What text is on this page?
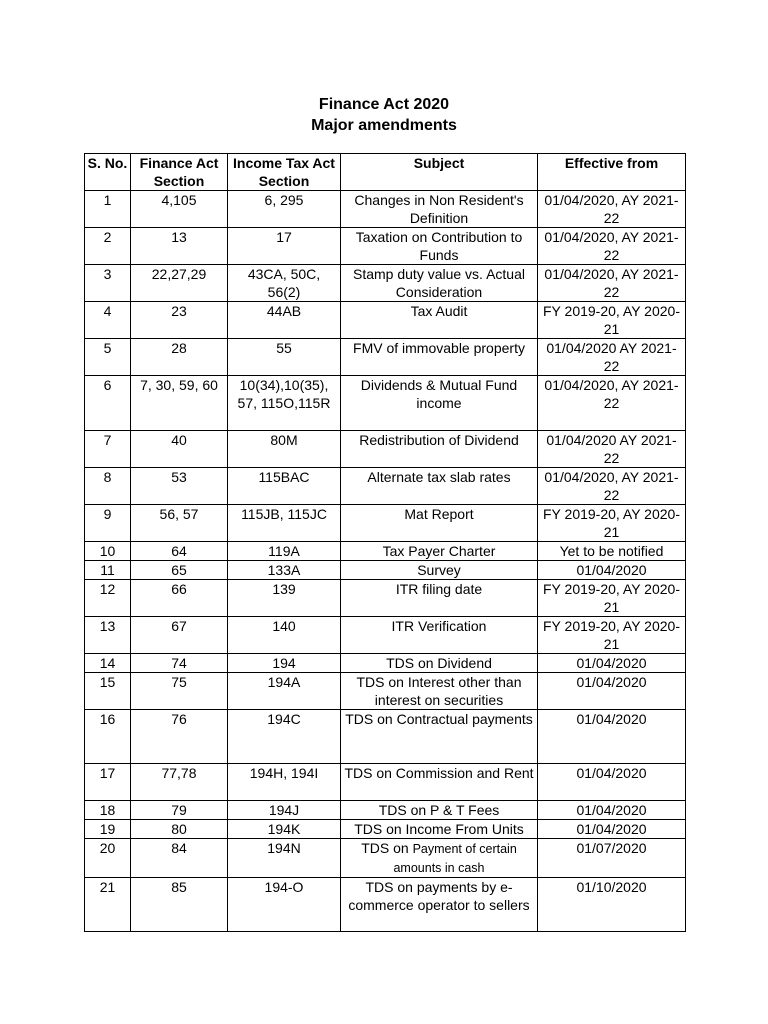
Finance Act 2020
Major amendments
S. No.	Finance Act Section	Income Tax Act Section	Subject	Effective from
1	4,105	6, 295	Changes in Non Resident's Definition	01/04/2020, AY 2021-22
2	13	17	Taxation on Contribution to Funds	01/04/2020, AY 2021-22
3	22,27,29	43CA, 50C, 56(2)	Stamp duty value vs. Actual Consideration	01/04/2020, AY 2021-22
4	23	44AB	Tax Audit	FY 2019-20, AY 2020-21
5	28	55	FMV of immovable property	01/04/2020 AY 2021-22
6	7, 30, 59, 60	10(34),10(35), 57, 115O,115R	Dividends & Mutual Fund income	01/04/2020, AY 2021-22
7	40	80M	Redistribution of Dividend	01/04/2020 AY 2021-22
8	53	115BAC	Alternate tax slab rates	01/04/2020, AY 2021-22
9	56, 57	115JB, 115JC	Mat Report	FY 2019-20, AY 2020-21
10	64	119A	Tax Payer Charter	Yet to be notified
11	65	133A	Survey	01/04/2020
12	66	139	ITR filing date	FY 2019-20, AY 2020-21
13	67	140	ITR Verification	FY 2019-20, AY 2020-21
14	74	194	TDS on Dividend	01/04/2020
15	75	194A	TDS on Interest other than interest on securities	01/04/2020
16	76	194C	TDS on Contractual payments	01/04/2020
17	77,78	194H, 194I	TDS on Commission and Rent	01/04/2020
18	79	194J	TDS on P & T Fees	01/04/2020
19	80	194K	TDS on Income From Units	01/04/2020
20	84	194N	TDS on Payment of certain amounts in cash	01/07/2020
21	85	194-O	TDS on payments by e-commerce operator to sellers	01/10/2020
